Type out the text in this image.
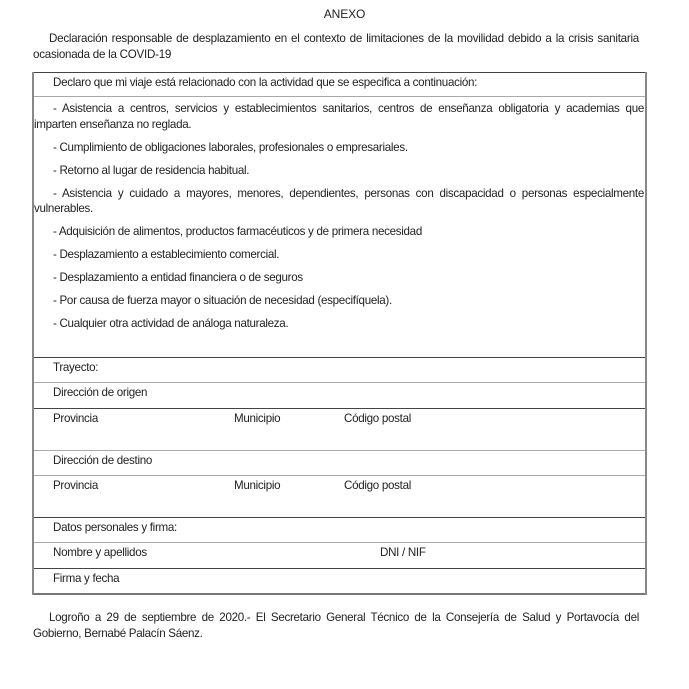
ANEXO
Declaración responsable de desplazamiento en el contexto de limitaciones de la movilidad debido a la crisis sanitaria ocasionada de la COVID-19
Declaro que mi viaje está relacionado con la actividad que se especifica a continuación:
- Asistencia a centros, servicios y establecimientos sanitarios, centros de enseñanza obligatoria y academias que imparten enseñanza no reglada.
- Cumplimiento de obligaciones laborales, profesionales o empresariales.
- Retorno al lugar de residencia habitual.
- Asistencia y cuidado a mayores, menores, dependientes, personas con discapacidad o personas especialmente vulnerables.
- Adquisición de alimentos, productos farmacéuticos y de primera necesidad
- Desplazamiento a establecimiento comercial.
- Desplazamiento a entidad financiera o de seguros
- Por causa de fuerza mayor o situación de necesidad (especifíquela).
- Cualquier otra actividad de análoga naturaleza.
Trayecto:
Dirección de origen
Provincia	Municipio	Código postal
Dirección de destino
Provincia	Municipio	Código postal
Datos personales y firma:
Nombre y apellidos	DNI / NIF
Firma y fecha
Logroño a 29 de septiembre de 2020.- El Secretario General Técnico de la Consejería de Salud y Portavocía del Gobierno, Bernabé Palacín Sáenz.
